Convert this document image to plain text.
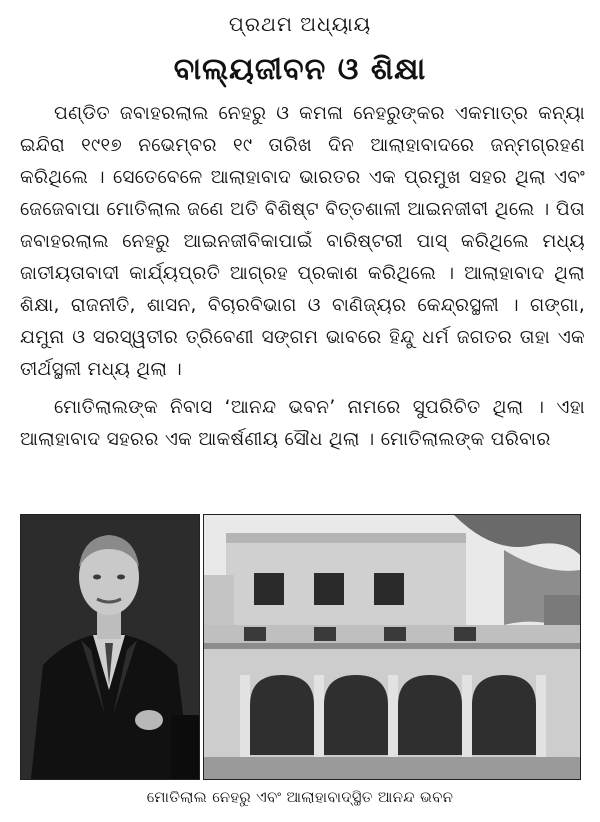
ପ୍ରଥମ ଅଧ୍ୟାୟ
ବାଲ୍ୟଜୀବନ ଓ ଶିକ୍ଷା

ପଣ୍ଡିତ ଜବାହରଲାଲ ନେହରୁ ଓ କମଳା ନେହରୁଙ୍କର ଏକମାତ୍ର କନ୍ୟା ଇନ୍ଦିରା ୧୯୧୭ ନଭେମ୍ବର ୧୯ ତାରିଖ ଦିନ ଆଲାହାବାଦରେ ଜନ୍ମଗ୍ରହଣ କରିଥିଲେ । ସେତେବେଳେ ଆଲାହାବାଦ ଭାରତର ଏକ ପ୍ରମୁଖ ସହର ଥିଲା ଏବଂ ଜେଜେବାପା ମୋତିଲାଲ ଜଣେ ଅତି ବିଶିଷ୍ଟ ବିତ୍ତଶାଳୀ ଆଇନଜୀବୀ ଥିଲେ । ପିତା ଜବାହରଲାଲ ନେହରୁ ଆଇନଜୀବିକାପାଇଁ ବାରିଷ୍ଟରୀ ପାସ୍ କରିଥିଲେ ମଧ୍ୟ ଜାତୀୟତାବାଦୀ କାର୍ଯ୍ୟପ୍ରତି ଆଗ୍ରହ ପ୍ରକାଶ କରିଥିଲେ । ଆଲାହାବାଦ ଥିଲା ଶିକ୍ଷା, ରାଜନୀତି, ଶାସନ, ବିଚାରବିଭାଗ ଓ ବାଣିଜ୍ୟର କେନ୍ଦ୍ରସ୍ଥଳୀ । ଗଙ୍ଗା, ଯମୁନା ଓ ସରସ୍ୱତୀର ତ୍ରିବେଣୀ ସଙ୍ଗମ ଭାବରେ ହିନ୍ଦୁ ଧର୍ମ ଜଗତର ତାହା ଏକ ତୀର୍ଥସ୍ଥଳୀ ମଧ୍ୟ ଥିଲା ।

ମୋତିଲାଲଙ୍କ ନିବାସ ‘ଆନନ୍ଦ ଭବନ’ ନାମରେ ସୁପରିଚିତ ଥିଲା । ଏହା ଆଲାହାବାଦ ସହରର ଏକ ଆକର୍ଷଣୀୟ ସୌଧ ଥିଲା । ମୋତିଲାଲଙ୍କ ପରିବାର

ମୋତିଲାଲ ନେହରୁ ଏବଂ ଆଲାହାବାଦ୍‌ସ୍ଥିତ ଆନନ୍ଦ ଭବନ
